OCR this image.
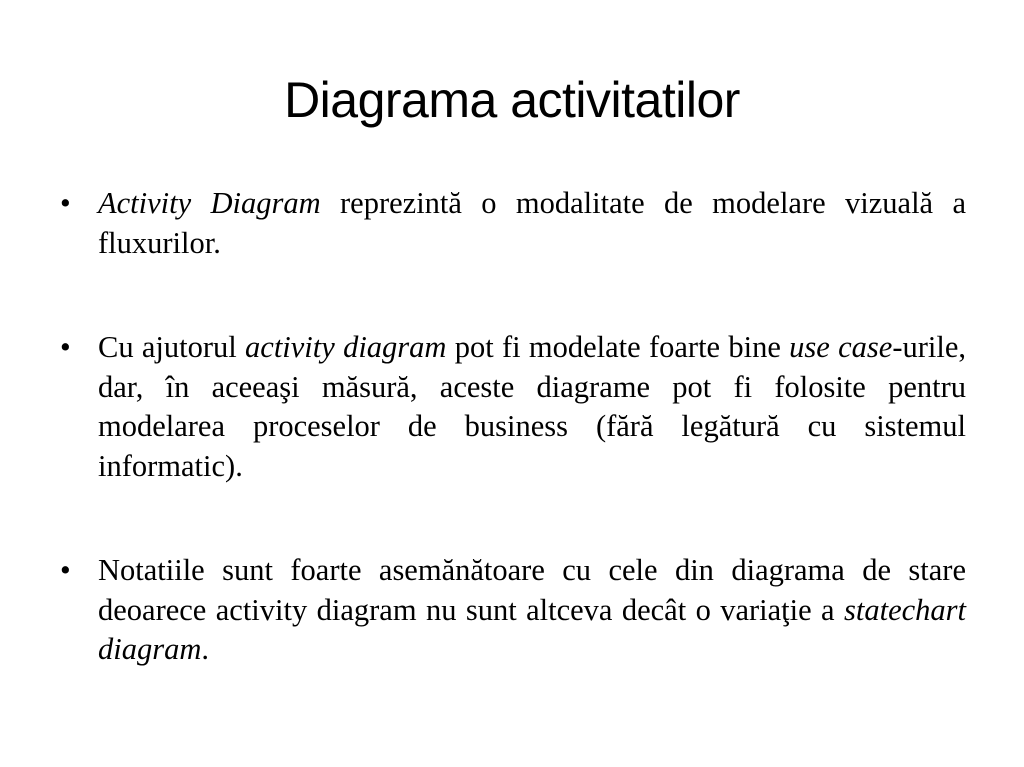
Diagrama activitatilor

• Activity Diagram reprezintă o modalitate de modelare vizuală a fluxurilor.

• Cu ajutorul activity diagram pot fi modelate foarte bine use case-urile, dar, în aceeaşi măsură, aceste diagrame pot fi folosite pentru modelarea proceselor de business (fără legătură cu sistemul informatic).

• Notatiile sunt foarte asemănătoare cu cele din diagrama de stare deoarece activity diagram nu sunt altceva decât o variaţie a statechart diagram.
